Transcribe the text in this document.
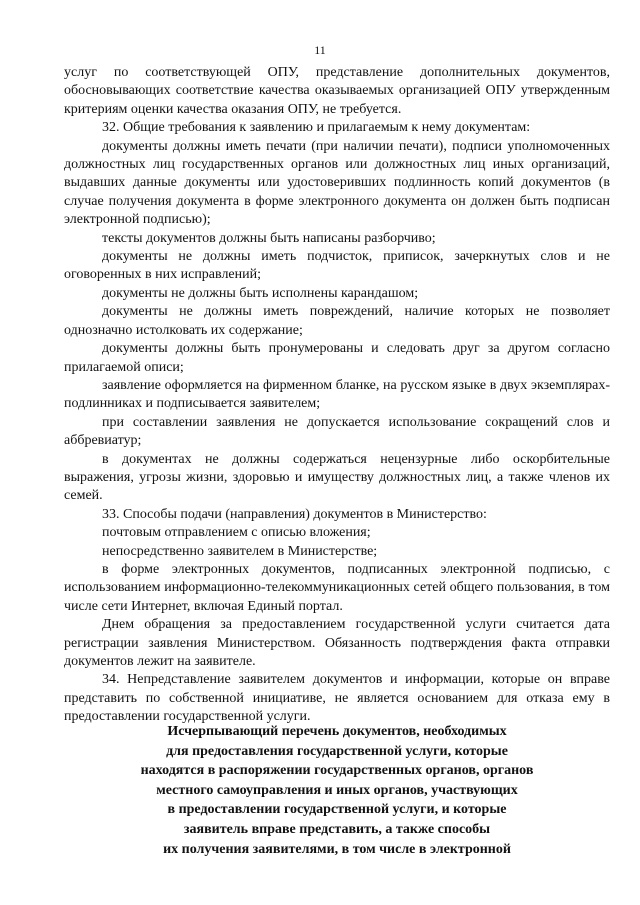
11

услуг по соответствующей ОПУ, представление дополнительных документов, обосновывающих соответствие качества оказываемых организацией ОПУ утвержденным критериям оценки качества оказания ОПУ, не требуется.

32. Общие требования к заявлению и прилагаемым к нему документам:

документы должны иметь печати (при наличии печати), подписи уполномоченных должностных лиц государственных органов или должностных лиц иных организаций, выдавших данные документы или удостоверивших подлинность копий документов (в случае получения документа в форме электронного документа он должен быть подписан электронной подписью);

тексты документов должны быть написаны разборчиво;

документы не должны иметь подчисток, приписок, зачеркнутых слов и не оговоренных в них исправлений;

документы не должны быть исполнены карандашом;

документы не должны иметь повреждений, наличие которых не позволяет однозначно истолковать их содержание;

документы должны быть пронумерованы и следовать друг за другом согласно прилагаемой описи;

заявление оформляется на фирменном бланке, на русском языке в двух экземплярах-подлинниках и подписывается заявителем;

при составлении заявления не допускается использование сокращений слов и аббревиатур;

в документах не должны содержаться нецензурные либо оскорбительные выражения, угрозы жизни, здоровью и имуществу должностных лиц, а также членов их семей.

33. Способы подачи (направления) документов в Министерство:

почтовым отправлением с описью вложения;

непосредственно заявителем в Министерстве;

в форме электронных документов, подписанных электронной подписью, с использованием информационно-телекоммуникационных сетей общего пользования, в том числе сети Интернет, включая Единый портал.

Днем обращения за предоставлением государственной услуги считается дата регистрации заявления Министерством. Обязанность подтверждения факта отправки документов лежит на заявителе.

34. Непредставление заявителем документов и информации, которые он вправе представить по собственной инициативе, не является основанием для отказа ему в предоставлении государственной услуги.

Исчерпывающий перечень документов, необходимых
для предоставления государственной услуги, которые
находятся в распоряжении государственных органов, органов
местного самоуправления и иных органов, участвующих
в предоставлении государственной услуги, и которые
заявитель вправе представить, а также способы
их получения заявителями, в том числе в электронной
